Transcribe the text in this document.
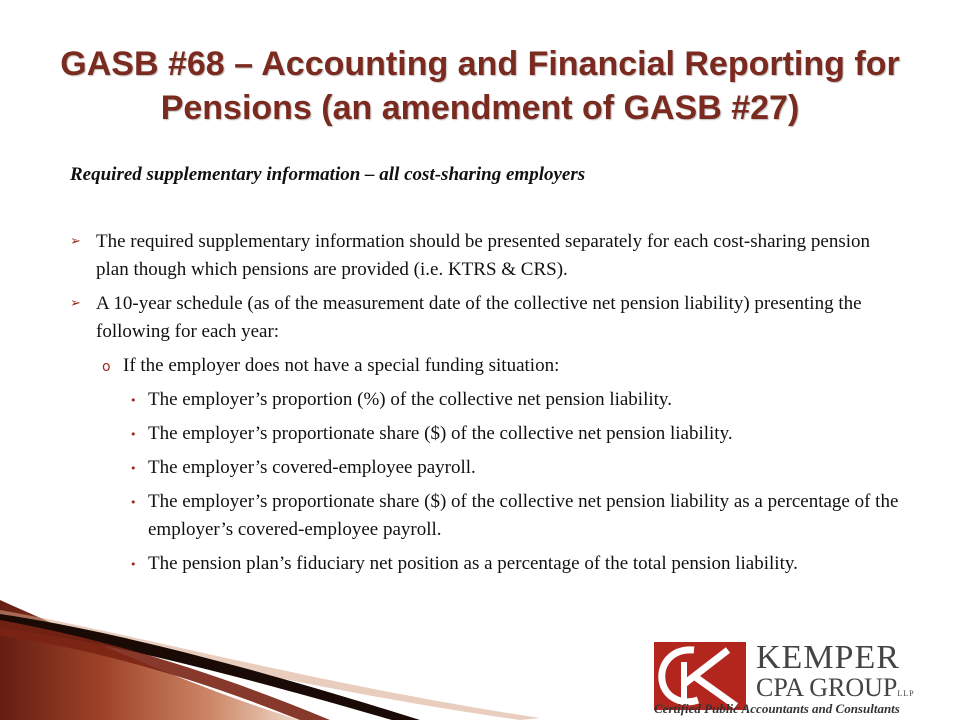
GASB #68 – Accounting and Financial Reporting for
Pensions (an amendment of GASB #27)
Required supplementary information – all cost-sharing employers
➢ The required supplementary information should be presented separately for each cost-sharing pension plan though which pensions are provided (i.e. KTRS & CRS).
➢ A 10-year schedule (as of the measurement date of the collective net pension liability) presenting the following for each year:
o If the employer does not have a special funding situation:
• The employer’s proportion (%) of the collective net pension liability.
• The employer’s proportionate share ($) of the collective net pension liability.
• The employer’s covered-employee payroll.
• The employer’s proportionate share ($) of the collective net pension liability as a percentage of the employer’s covered-employee payroll.
• The pension plan’s fiduciary net position as a percentage of the total pension liability.
KEMPER
CPA GROUPLLP
Certified Public Accountants and Consultants
